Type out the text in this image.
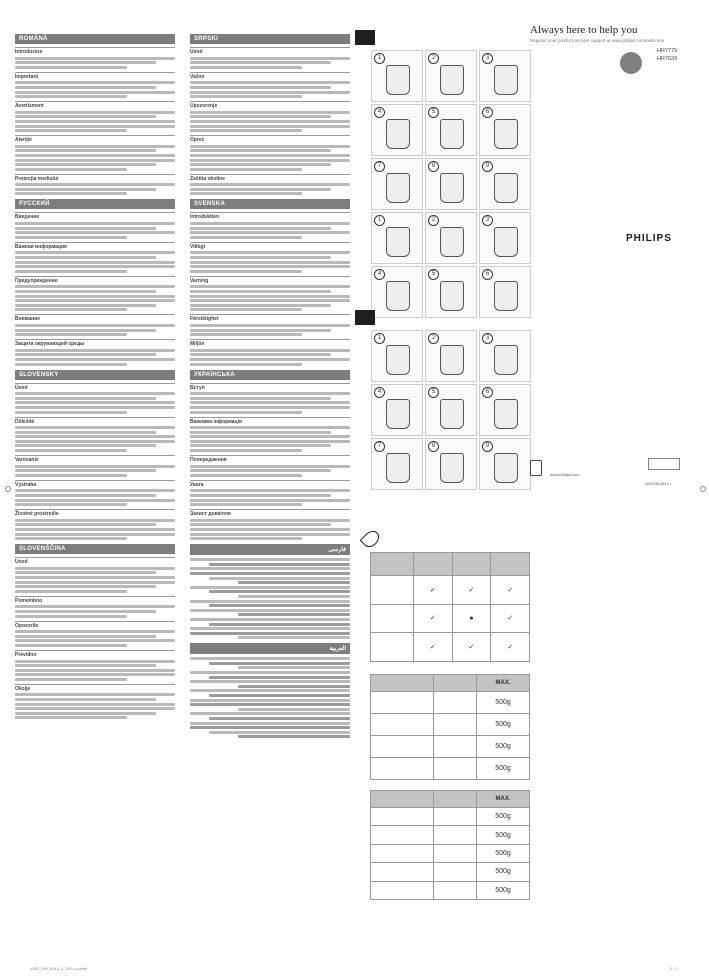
ROMÂNĂ
Introducere
Important
Avertisment
Atenţie
Protecţia mediului
РУССКИЙ
Введение
Важная информация
Предупреждение
Внимание
Защита окружающей среды
SLOVENSKY
Úvod
Dôležité
Varovanie
Výstraha
Životné prostredie
SLOVENŠČINA
Uvod
Pomembno
Opozorilo
Previdno
Okolje
SRPSKI
Uvod
Važno
Upozorenje
Oprez
Zaštita okoline
SVENSKA
Introduktion
Viktigt
Varning
Försiktighet
Miljön
УКРАЇНСЬКА
Вступ
Важлива інформація
Попередження
Увага
Захист довкілля
فارسی
العربية
1	2	3
4	5	6
7	8	9
1	2	3
4	5	6
1	2	3
4	5	6
7	8	9
Always here to help you
Register your product and get support at www.philips.com/welcome
HR7775
HR7629
PHILIPS
www.philips.com
4203.064.6513.1

	✓	✓	✓
	✓	●	✓
	✓	✓	✓
		MAX.
		500g
		500g
		500g
		500g
		MAX.
		500g
		500g
		500g
		500g
		500g
4203_064_6513_1_DFU-Leaflet	2 / 2
